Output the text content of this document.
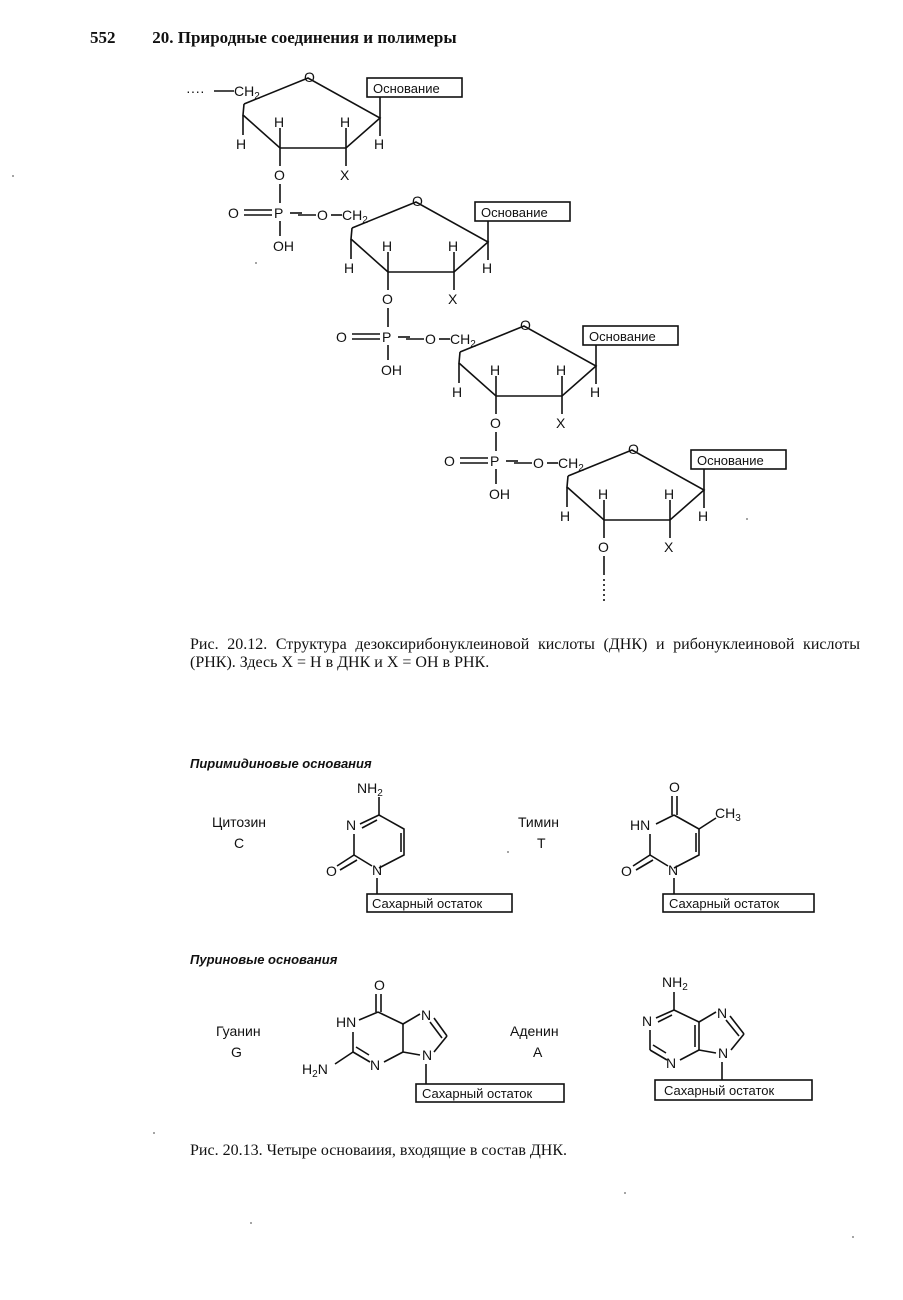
552 20. Природные соединения и полимеры
···· $CH_2$
O
H	H
H	H
X
Основание
O
P
O
OH
O $CH_2$
O
H	H
H	H
X
Основание
O
P
O
OH
O $CH_2$
O
H	H
H	H
X
Основание
O
P
O
OH
O $CH_2$
O
H	H
H	H
X
Основание
O
Рис. 20.12. Структура дезоксирибонуклеиновой кислоты (ДНК) и рибонуклеиновой кислоты (РНК). Здесь X = H в ДНК и X = OH в РНК.
Пиримидиновые основания
Пуриновые основания
Цитозин
C
$NH_2$
N
N
O
Сахарный остаток
Тимин
T
O
$CH_3$
HN
N
O
Сахарный остаток
Гуанин
G
O
HN
N
$H_2N$
N
N
Сахарный остаток
Аденин
A
$NH_2$
N
N
N
N
Сахарный остаток
Рис. 20.13. Четыре основаиия, входящие в состав ДНК.
